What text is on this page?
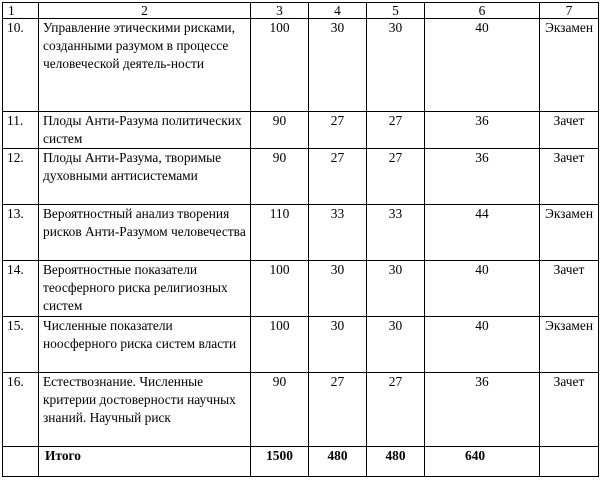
1	2	3	4	5	6	7
10.	Управление этическими рисками, созданными разумом в процессе человеческой деятель-ности	100	30	30	40	Экзамен
11.	Плоды Анти-Разума политических систем	90	27	27	36	Зачет
12.	Плоды Анти-Разума, творимые духовными антисистемами	90	27	27	36	Зачет
13.	Вероятностный анализ творения рисков Анти-Разумом человечества	110	33	33	44	Экзамен
14.	Вероятностные показатели теосферного риска религиозных систем	100	30	30	40	Зачет
15.	Численные показатели ноосферного риска систем власти	100	30	30	40	Экзамен
16.	Естествознание. Численные критерии достоверности научных знаний. Научный риск	90	27	27	36	Зачет
	Итого	1500	480	480	640	
